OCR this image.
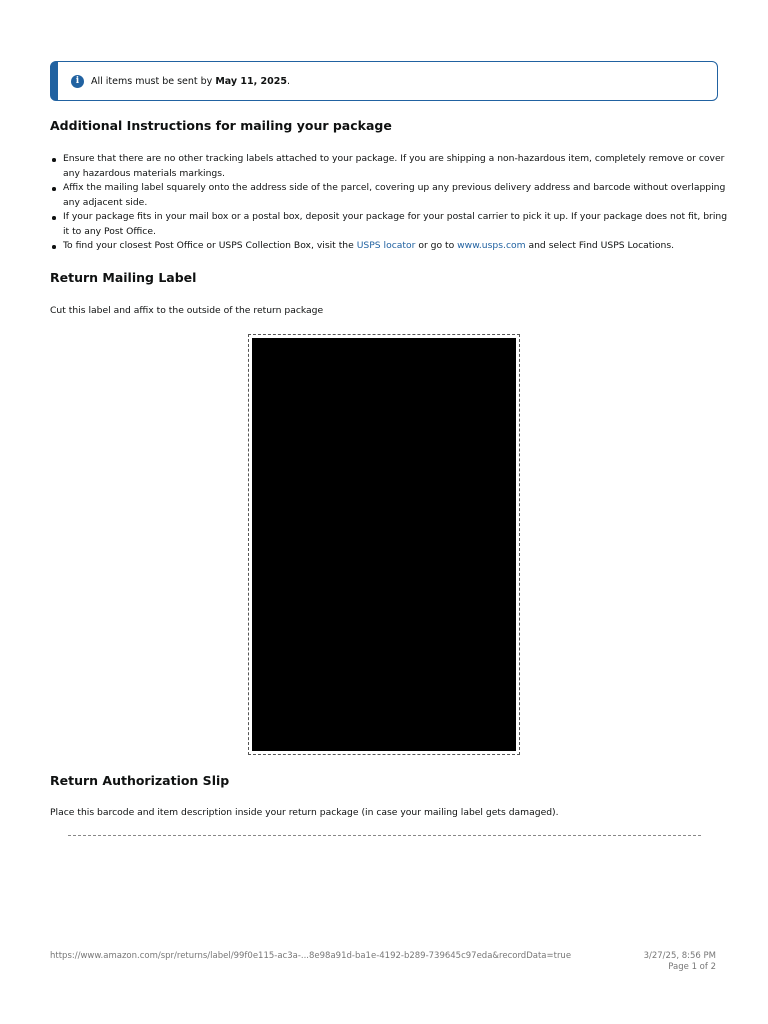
i	All items must be sent by May 11, 2025.
Additional Instructions for mailing your package
Ensure that there are no other tracking labels attached to your package. If you are shipping a non-hazardous item, completely remove or cover any hazardous materials markings.
Affix the mailing label squarely onto the address side of the parcel, covering up any previous delivery address and barcode without overlapping any adjacent side.
If your package fits in your mail box or a postal box, deposit your package for your postal carrier to pick it up. If your package does not fit, bring it to any Post Office.
To find your closest Post Office or USPS Collection Box, visit the USPS locator or go to www.usps.com and select Find USPS Locations.
Return Mailing Label

Cut this label and affix to the outside of the return package

Return Authorization Slip

Place this barcode and item description inside your return package (in case your mailing label gets damaged).

https://www.amazon.com/spr/returns/label/99f0e115-ac3a-...8e98a91d-ba1e-4192-b289-739645c97eda&recordData=true	3/27/25, 8:56 PM
Page 1 of 2
